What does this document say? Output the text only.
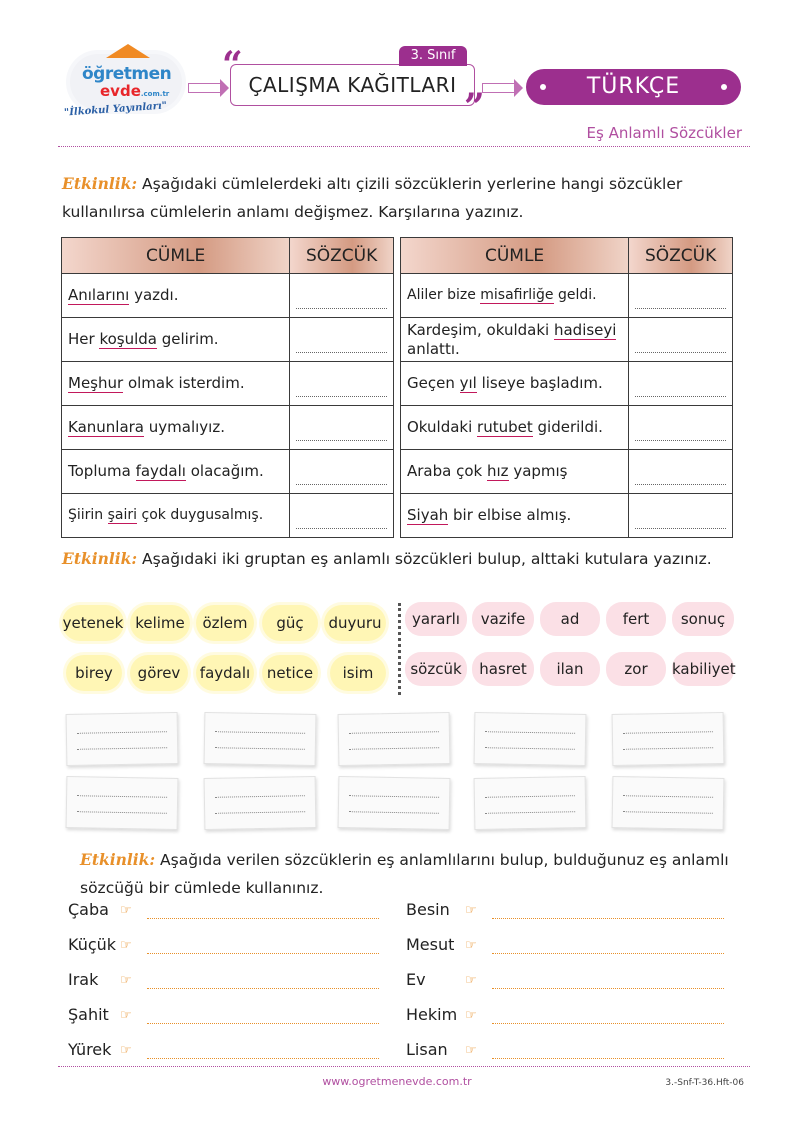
öğretmen
evde.com.tr
"İlkokul Yayınları"
“	3. Sınıf
ÇALIŞMA KAĞITLARI
”	TÜRKÇE
Eş Anlamlı Sözcükler
Etkinlik: Aşağıdaki cümlelerdeki altı çizili sözcüklerin yerlerine hangi sözcükler kullanılırsa cümlelerin anlamı değişmez. Karşılarına yazınız.
CÜMLE	SÖZCÜK
Anılarını yazdı.	
Her koşulda gelirim.	
Meşhur olmak isterdim.	
Kanunlara uymalıyız.	
Topluma faydalı olacağım.	
Şiirin şairi çok duygusalmış.	
CÜMLE	SÖZCÜK
Aliler bize misafirliğe geldi.	
Kardeşim, okuldaki hadiseyi anlattı.	
Geçen yıl liseye başladım.	
Okuldaki rutubet giderildi.	
Araba çok hız yapmış	
Siyah bir elbise almış.	
Etkinlik: Aşağıdaki iki gruptan eş anlamlı sözcükleri bulup, alttaki kutulara yazınız.
yetenek kelime	özlem	güç	duyuru
birey	görev	faydalı	netice	isim
yararlı	vazife	ad	fert	sonuç
sözcük	hasret	ilan	zor	kabiliyet
Etkinlik: Aşağıda verilen sözcüklerin eş anlamlılarını bulup, bulduğunuz eş anlamlı sözcüğü bir cümlede kullanınız.
Çaba ☞
Küçük ☞
Irak ☞
Şahit ☞
Yürek ☞
Besin ☞
Mesut ☞
Ev	☞
Hekim ☞
Lisan ☞
www.ogretmenevde.com.tr	3.-Snf-T-36.Hft-06
